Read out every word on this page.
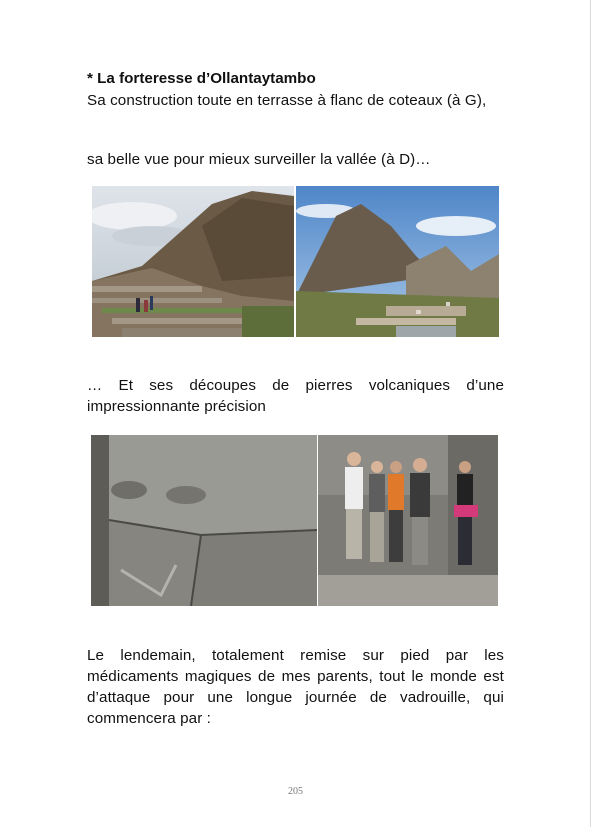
* La forteresse d’Ollantaytambo

Sa construction toute en terrasse à flanc de coteaux (à G),

sa belle vue pour mieux surveiller la vallée (à D)…

… Et ses découpes de pierres volcaniques d’une impressionnante précision

Le lendemain, totalement remise sur pied par les médicaments magiques de mes parents, tout le monde est d’attaque pour une longue journée de vadrouille, qui commencera par :

205
